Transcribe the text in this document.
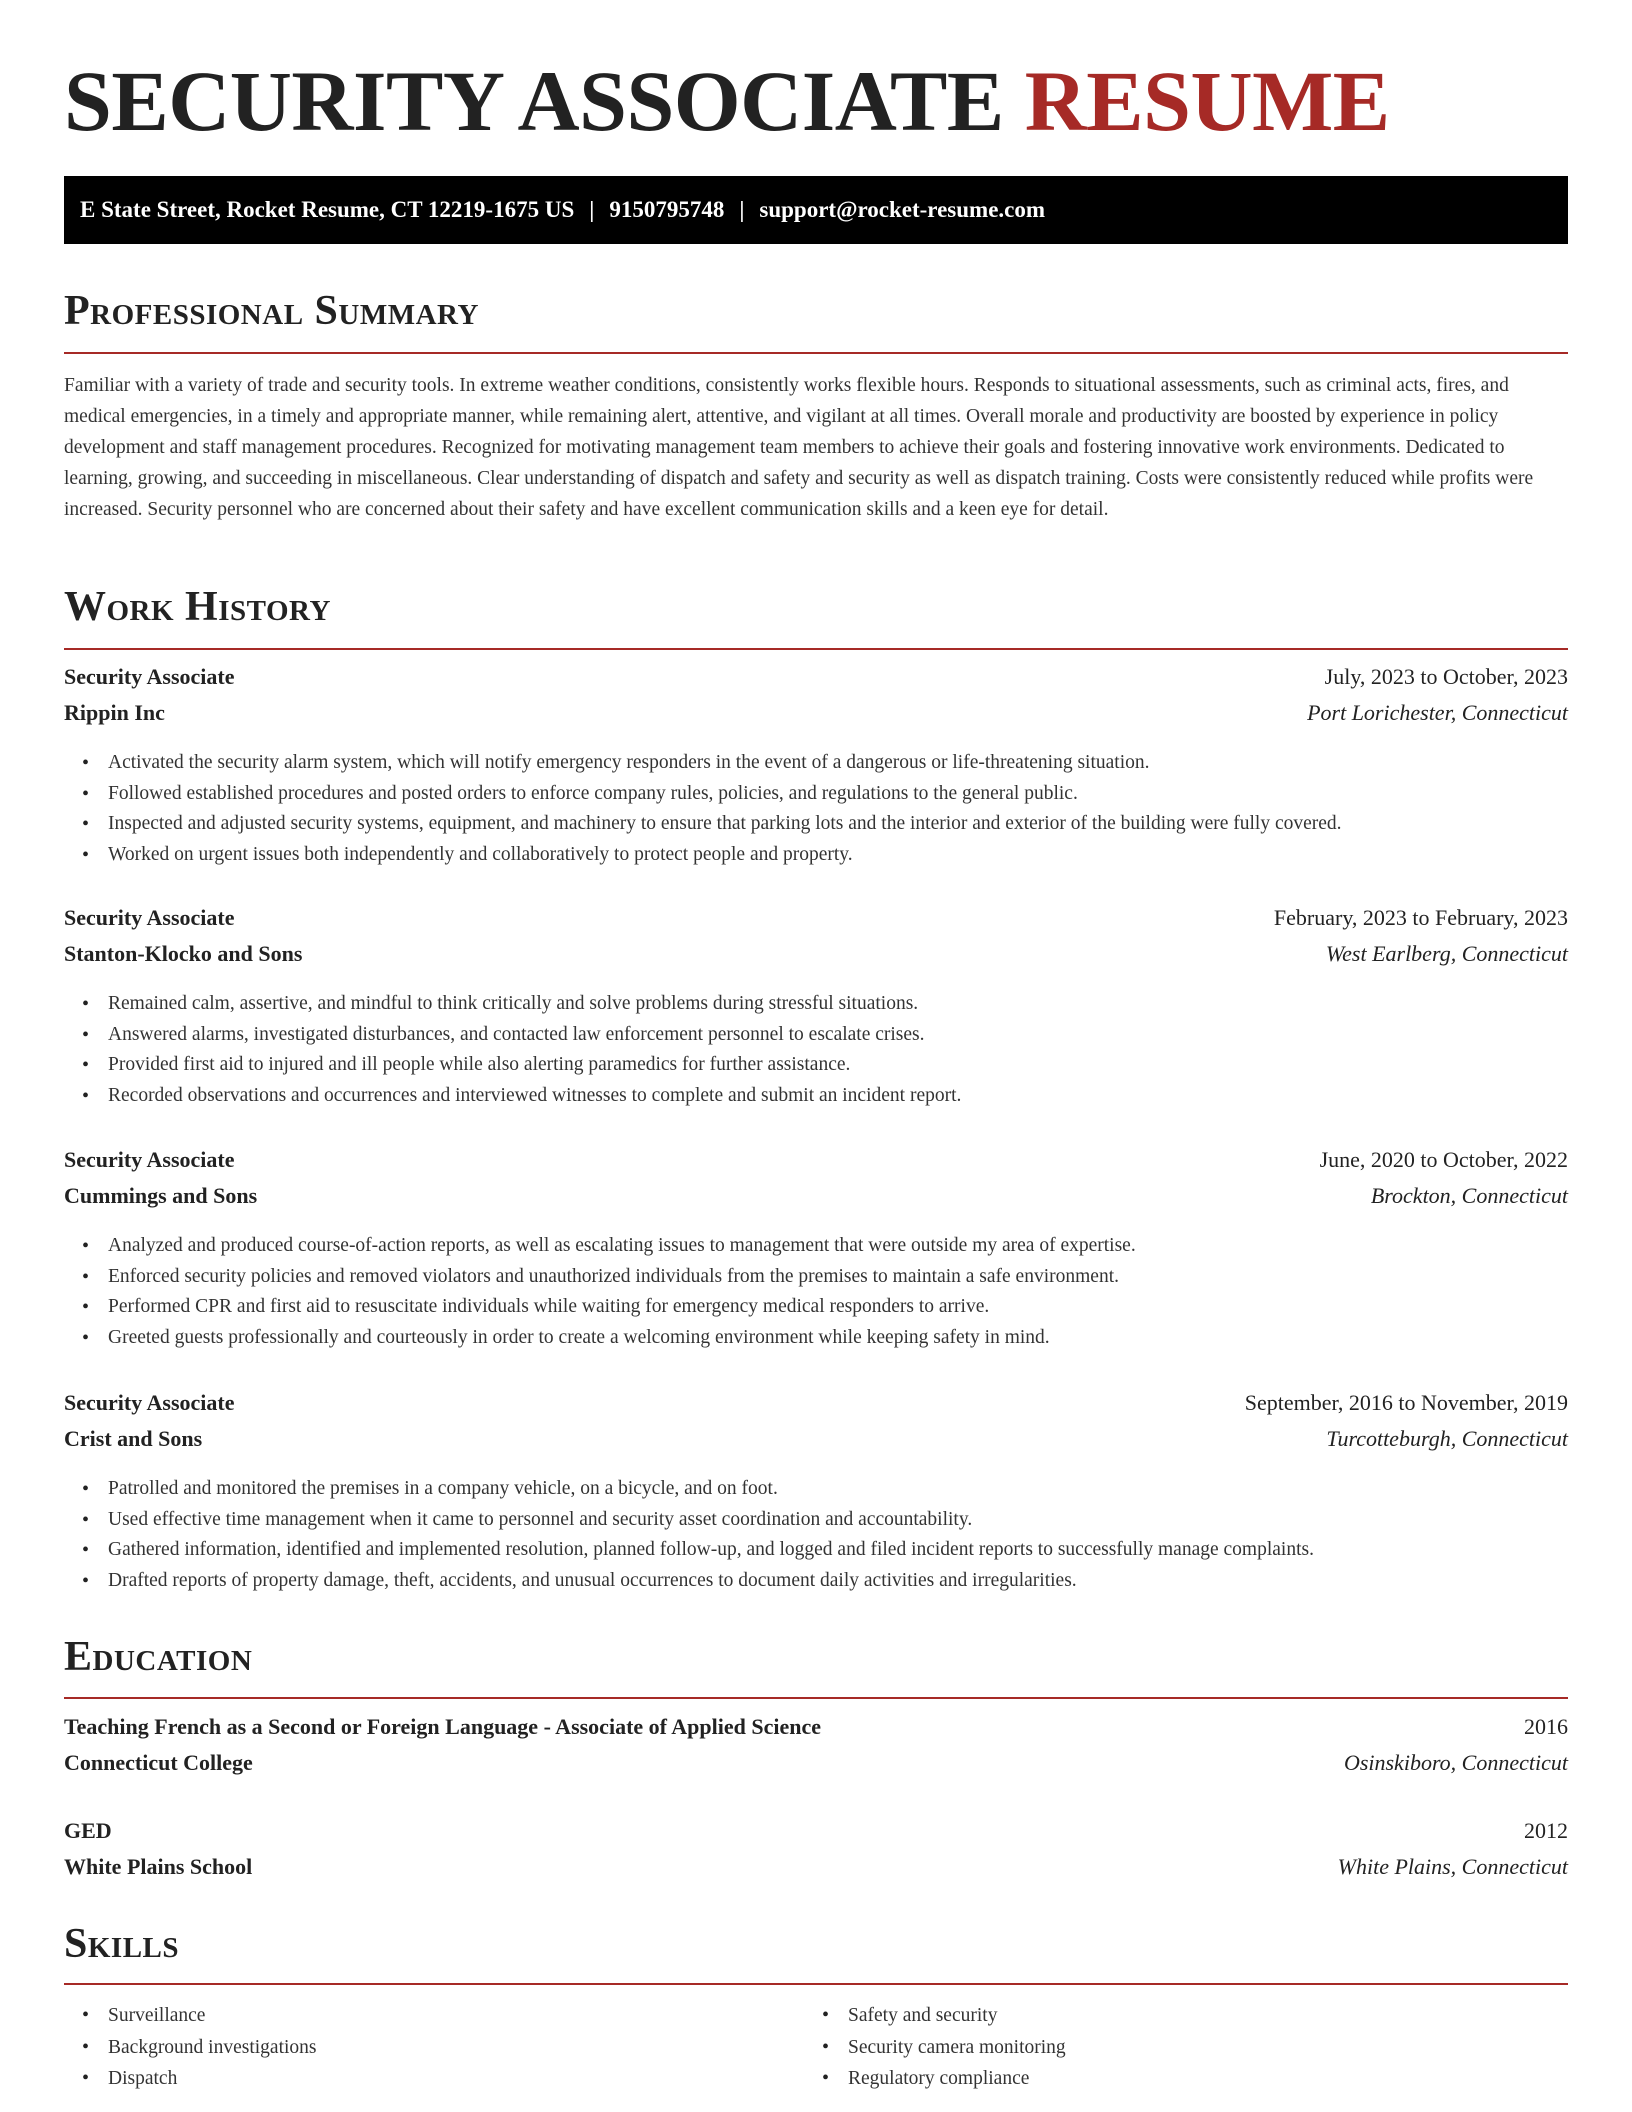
SECURITY ASSOCIATE RESUME
E State Street, Rocket Resume, CT 12219-1675 US | 9150795748 | support@rocket-resume.com
Professional Summary

Familiar with a variety of trade and security tools. In extreme weather conditions, consistently works flexible hours. Responds to situational assessments, such as criminal acts, fires, and medical emergencies, in a timely and appropriate manner, while remaining alert, attentive, and vigilant at all times. Overall morale and productivity are boosted by experience in policy development and staff management procedures. Recognized for motivating management team members to achieve their goals and fostering innovative work environments. Dedicated to learning, growing, and succeeding in miscellaneous. Clear understanding of dispatch and safety and security as well as dispatch training. Costs were consistently reduced while profits were increased. Security personnel who are concerned about their safety and have excellent communication skills and a keen eye for detail.

Work History
Security Associate	July, 2023 to October, 2023
Rippin Inc	Port Lorichester, Connecticut
• Activated the security alarm system, which will notify emergency responders in the event of a dangerous or life-threatening situation.
• Followed established procedures and posted orders to enforce company rules, policies, and regulations to the general public.
• Inspected and adjusted security systems, equipment, and machinery to ensure that parking lots and the interior and exterior of the building were fully covered.
• Worked on urgent issues both independently and collaboratively to protect people and property.
Security Associate	February, 2023 to February, 2023
Stanton-Klocko and Sons	West Earlberg, Connecticut
• Remained calm, assertive, and mindful to think critically and solve problems during stressful situations.
• Answered alarms, investigated disturbances, and contacted law enforcement personnel to escalate crises.
• Provided first aid to injured and ill people while also alerting paramedics for further assistance.
• Recorded observations and occurrences and interviewed witnesses to complete and submit an incident report.
Security Associate	June, 2020 to October, 2022
Cummings and Sons	Brockton, Connecticut
• Analyzed and produced course-of-action reports, as well as escalating issues to management that were outside my area of expertise.
• Enforced security policies and removed violators and unauthorized individuals from the premises to maintain a safe environment.
• Performed CPR and first aid to resuscitate individuals while waiting for emergency medical responders to arrive.
• Greeted guests professionally and courteously in order to create a welcoming environment while keeping safety in mind.
Security Associate	September, 2016 to November, 2019
Crist and Sons	Turcotteburgh, Connecticut
• Patrolled and monitored the premises in a company vehicle, on a bicycle, and on foot.
• Used effective time management when it came to personnel and security asset coordination and accountability.
• Gathered information, identified and implemented resolution, planned follow-up, and logged and filed incident reports to successfully manage complaints.
• Drafted reports of property damage, theft, accidents, and unusual occurrences to document daily activities and irregularities.
Education
Teaching French as a Second or Foreign Language - Associate of Applied Science	2016
Connecticut College	Osinskiboro, Connecticut
GED	2012
White Plains School	White Plains, Connecticut
Skills
• Surveillance
• Background investigations
• Dispatch
• Safety and security
• Security camera monitoring
• Regulatory compliance
